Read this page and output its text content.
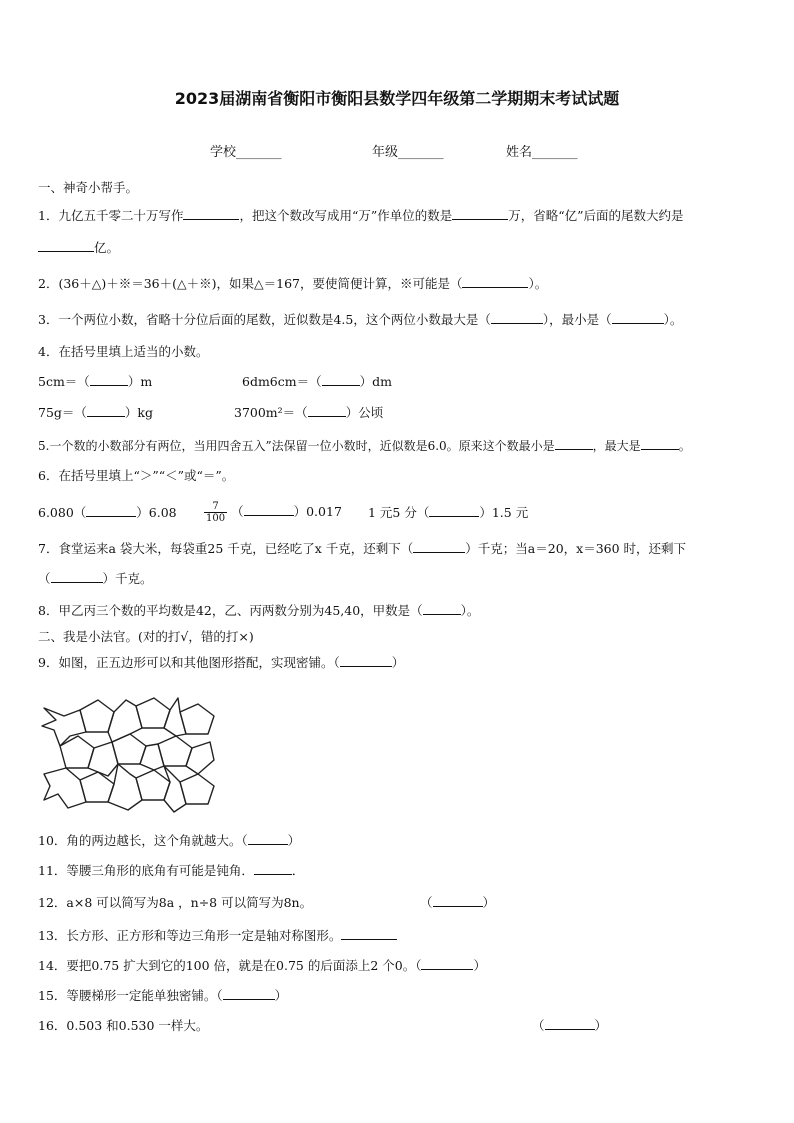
2023届湖南省衡阳市衡阳县数学四年级第二学期期末考试试题
学校_______	年级_______	姓名_______
一、神奇小帮手。
1．九亿五千零二十万写作	，把这个数改写成用“万”作单位的数是	万，省略“亿”后面的尾数大约是
亿。
2．(36＋△)＋※＝36＋(△＋※)，如果△＝167，要使简便计算，※可能是（	）。
3．一个两位小数，省略十分位后面的尾数，近似数是4.5，这个两位小数最大是（	），最小是（	）。
4．在括号里填上适当的小数。
5cm＝（	）m	6dm6cm＝（	）dm
75g＝（	）kg	3700m²＝（	）公顷
5.一个数的小数部分有两位，当用四舍五入”法保留一位小数时，近似数是6.0。原来这个数最小是	，最大是	。
6．在括号里填上“＞”“＜”或“＝”。
6.080（	）6.08	$\frac{7}{100}$ （	）0.017 1 元5 分（	）1.5 元
7．食堂运来a 袋大米，每袋重25 千克，已经吃了x 千克，还剩下（	）千克；当a＝20，x＝360 时，还剩下
（	）千克。
8．甲乙丙三个数的平均数是42，乙、丙两数分别为45,40，甲数是（	）。
二、我是小法官。(对的打√，错的打×)
9．如图，正五边形可以和其他图形搭配，实现密铺。（	）
10．角的两边越长，这个角就越大。（	）
11．等腰三角形的底角有可能是钝角．	．
12．a×8 可以简写为8a ，n÷8 可以简写为8n。	（	）
13．长方形、正方形和等边三角形一定是轴对称图形。
14．要把0.75 扩大到它的100 倍，就是在0.75 的后面添上2 个0。（	）
15．等腰梯形一定能单独密铺。（	）
16．0.503 和0.530 一样大。	（	）
